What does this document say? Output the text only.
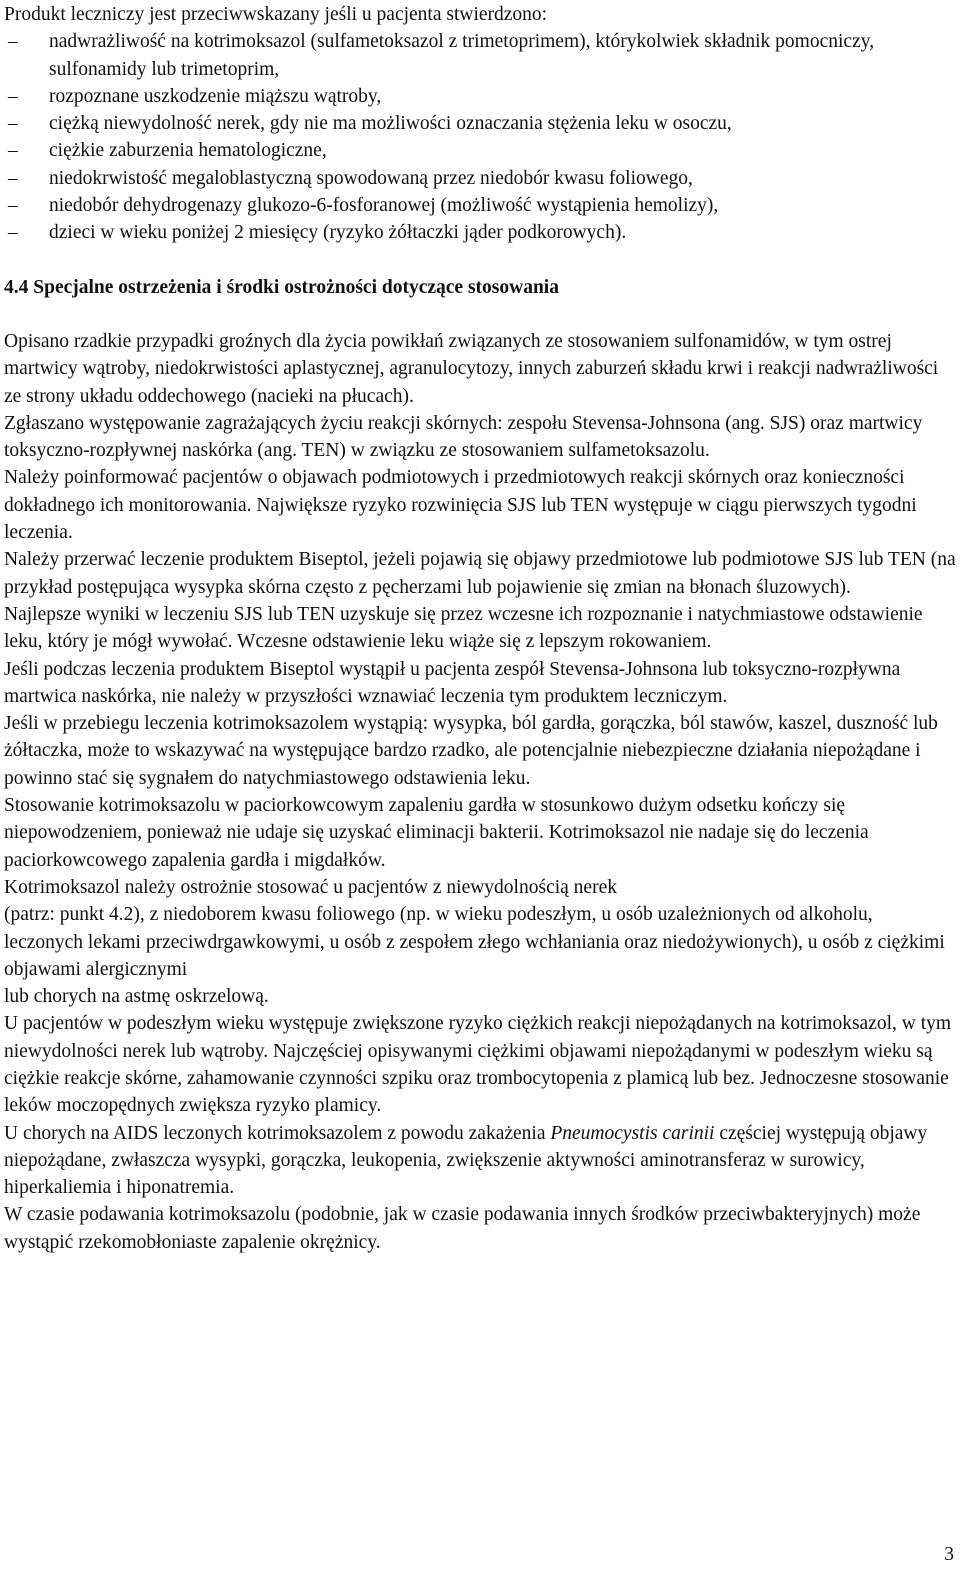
Produkt leczniczy jest przeciwwskazany jeśli u pacjenta stwierdzono:

– nadwrażliwość na kotrimoksazol (sulfametoksazol z trimetoprimem), którykolwiek składnik pomocniczy, sulfonamidy lub trimetoprim,
– rozpoznane uszkodzenie miąższu wątroby,
– ciężką niewydolność nerek, gdy nie ma możliwości oznaczania stężenia leku w osoczu,
– ciężkie zaburzenia hematologiczne,
– niedokrwistość megaloblastyczną spowodowaną przez niedobór kwasu foliowego,
– niedobór dehydrogenazy glukozo-6-fosforanowej (możliwość wystąpienia hemolizy),
– dzieci w wieku poniżej 2 miesięcy (ryzyko żółtaczki jąder podkorowych).
4.4 Specjalne ostrzeżenia i środki ostrożności dotyczące stosowania

Opisano rzadkie przypadki groźnych dla życia powikłań związanych ze stosowaniem sulfonamidów, w tym ostrej martwicy wątroby, niedokrwistości aplastycznej, agranulocytozy, innych zaburzeń składu krwi i reakcji nadwrażliwości ze strony układu oddechowego (nacieki na płucach).

Zgłaszano występowanie zagrażających życiu reakcji skórnych: zespołu Stevensa-Johnsona (ang. SJS) oraz martwicy toksyczno-rozpływnej naskórka (ang. TEN) w związku ze stosowaniem sulfametoksazolu.

Należy poinformować pacjentów o objawach podmiotowych i przedmiotowych reakcji skórnych oraz konieczności dokładnego ich monitorowania. Największe ryzyko rozwinięcia SJS lub TEN występuje w ciągu pierwszych tygodni leczenia.

Należy przerwać leczenie produktem Biseptol, jeżeli pojawią się objawy przedmiotowe lub podmiotowe SJS lub TEN (na przykład postępująca wysypka skórna często z pęcherzami lub pojawienie się zmian na błonach śluzowych).

Najlepsze wyniki w leczeniu SJS lub TEN uzyskuje się przez wczesne ich rozpoznanie i natychmiastowe odstawienie leku, który je mógł wywołać. Wczesne odstawienie leku wiąże się z lepszym rokowaniem.

Jeśli podczas leczenia produktem Biseptol wystąpił u pacjenta zespół Stevensa-Johnsona lub toksyczno-rozpływna martwica naskórka, nie należy w przyszłości wznawiać leczenia tym produktem leczniczym.

Jeśli w przebiegu leczenia kotrimoksazolem wystąpią: wysypka, ból gardła, gorączka, ból stawów, kaszel, duszność lub żółtaczka, może to wskazywać na występujące bardzo rzadko, ale potencjalnie niebezpieczne działania niepożądane i powinno stać się sygnałem do natychmiastowego odstawienia leku.

Stosowanie kotrimoksazolu w paciorkowcowym zapaleniu gardła w stosunkowo dużym odsetku kończy się niepowodzeniem, ponieważ nie udaje się uzyskać eliminacji bakterii. Kotrimoksazol nie nadaje się do leczenia paciorkowcowego zapalenia gardła i migdałków.

Kotrimoksazol należy ostrożnie stosować u pacjentów z niewydolnością nerek
(patrz: punkt 4.2), z niedoborem kwasu foliowego (np. w wieku podeszłym, u osób uzależnionych od alkoholu, leczonych lekami przeciwdrgawkowymi, u osób z zespołem złego wchłaniania oraz niedożywionych), u osób z ciężkimi objawami alergicznymi
lub chorych na astmę oskrzelową.

U pacjentów w podeszłym wieku występuje zwiększone ryzyko ciężkich reakcji niepożądanych na kotrimoksazol, w tym niewydolności nerek lub wątroby. Najczęściej opisywanymi ciężkimi objawami niepożądanymi w podeszłym wieku są ciężkie reakcje skórne, zahamowanie czynności szpiku oraz trombocytopenia z plamicą lub bez. Jednoczesne stosowanie leków moczopędnych zwiększa ryzyko plamicy.

U chorych na AIDS leczonych kotrimoksazolem z powodu zakażenia Pneumocystis carinii częściej występują objawy niepożądane, zwłaszcza wysypki, gorączka, leukopenia, zwiększenie aktywności aminotransferaz w surowicy, hiperkaliemia i hiponatremia.

W czasie podawania kotrimoksazolu (podobnie, jak w czasie podawania innych środków przeciwbakteryjnych) może wystąpić rzekomobłoniaste zapalenie okrężnicy.

3
